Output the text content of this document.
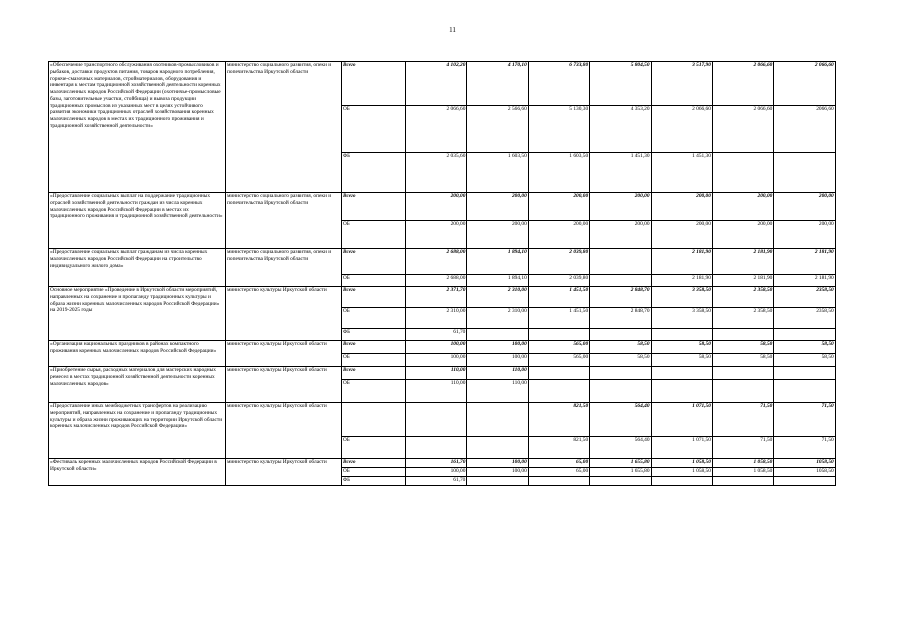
11
«Обеспечение транспортного обслуживания охотников-промысловиков и рыбаков, доставки продуктов питания, товаров народного потребления, горюче-смазочных материалов, стройматериалов, оборудования и инвентаря к местам традиционной хозяйственной деятельности коренных малочисленных народов Российской Федерации (охотничье-промысловые базы, заготовительные участки, стойбища) и вывоза продукции традиционных промыслов из указанных мест в целях устойчивого развития экономики традиционных отраслей хозяйствования коренных малочисленных народов в местах их традиционного проживания и традиционной хозяйственной деятельности»	министерство социального развития, опеки и попечительства Иркутской области	Всего	4 102,20	4 170,10	6 733,80	5 804,50	3 517,90	2 066,60	2 066,60
		ОБ	2 066,60	2 566,60	5 130,30	4 353,20	2 066,60	2 066,60	2066,60
		ФБ	2 035,60	1 603,50	1 603,50	1 451,30	1 451,30		
«Предоставление социальных выплат на поддержание традиционных отраслей хозяйственной деятельности граждан из числа коренных малочисленных народов Российской Федерации в местах их традиционного проживания и традиционной хозяйственной деятельности»	министерство социального развития, опеки и попечительства Иркутской области	Всего	200,00	200,00	200,00	200,00	200,00	200,00	200,00
		ОБ	200,00	200,00	200,00	200,00	200,00	200,00	200,00
«Предоставление социальных выплат гражданам из числа коренных малочисленных народов Российской Федерации на строительство индивидуального жилого дома»	министерство социального развития, опеки и попечительства Иркутской области	Всего	2 688,00	1 894,10	2 039,80		2 181,90	2 181,90	2 181,90
		ОБ	2 688,00	1 894,10	2 039,80		2 181,90	2 181,90	2 181,90
Основное мероприятие «Проведение в Иркутской области мероприятий, направленных на сохранение и пропаганду традиционных культуры и образа жизни коренных малочисленных народов Российской Федерации» на 2019-2025 годы	министерство культуры Иркутской области	Всего	2 371,70	2 310,00	1 451,50	2 848,70	3 358,50	2 358,50	2358,50
		ОБ	2 310,00	2 310,00	1 451,50	2 848,70	3 358,50	2 358,50	2358,50
		ФБ	61,70						
«Организация национальных праздников в районах компактного проживания коренных малочисленных народов Российской Федерации»	министерство культуры Иркутской области	Всего	100,00	100,00	565,00	58,50	58,50	58,50	58,50
		ОБ	100,00	100,00	565,00	58,50	58,50	58,50	58,50
«Приобретение сырья, расходных материалов для мастерских народных ремесел в местах традиционной хозяйственной деятельности коренных малочисленных народов»	министерство культуры Иркутской области	Всего	110,00	110,00					
		ОБ	110,00	110,00					
«Предоставление иных межбюджетных трансфертов на реализацию мероприятий, направленных на сохранение и пропаганду традиционных культуры и образа жизни проживающих на территории Иркутской области коренных малочисленных народов Российской Федерации»	министерство культуры Иркутской области				821,50	564,40	1 071,50	71,50	71,50
		ОБ			821,50	564,40	1 071,50	71,50	71,50
«Фестиваль коренных малочисленных народов Российской Федерации в Иркутской области»	министерство культуры Иркутской области	Всего	161,70	100,00	65,00	1 655,80	1 058,50	1 058,50	1058,50
		ОБ	100,00	100,00	65,00	1 655,80	1 058,50	1 058,50	1058,50
		ФБ	61,70						
